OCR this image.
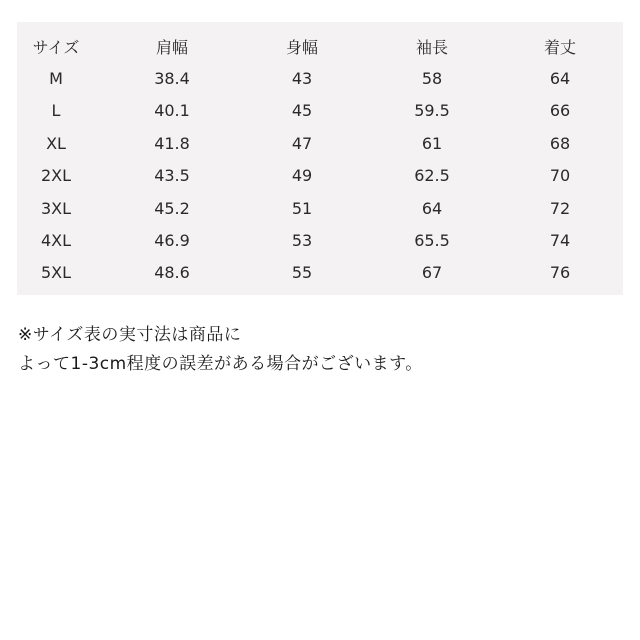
サイズ	肩幅	身幅	袖長	着丈
M	38.4	43	58	64
L	40.1	45	59.5	66
XL	41.8	47	61	68
2XL	43.5	49	62.5	70
3XL	45.2	51	64	72
4XL	46.9	53	65.5	74
5XL	48.6	55	67	76
※サイズ表の実寸法は商品に
よって1-3cm程度の誤差がある場合がございます。
